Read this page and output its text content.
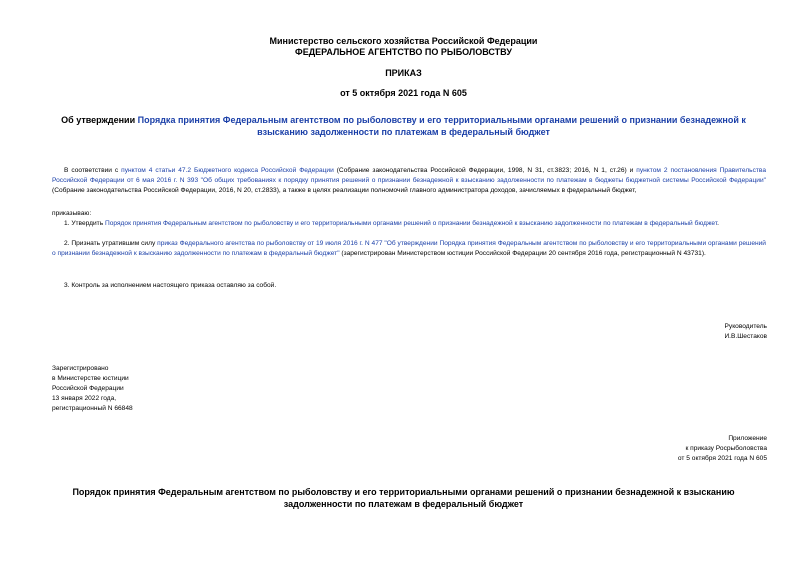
Министерство сельского хозяйства Российской Федерации
ФЕДЕРАЛЬНОЕ АГЕНТСТВО ПО РЫБОЛОВСТВУ
ПРИКАЗ
от 5 октября 2021 года N 605
Об утверждении Порядка принятия Федеральным агентством по рыболовству и его территориальными органами решений о признании безнадежной к взысканию задолженности по платежам в федеральный бюджет
В соответствии с пунктом 4 статьи 47.2 Бюджетного кодекса Российской Федерации (Собрание законодательства Российской Федерации, 1998, N 31, ст.3823; 2016, N 1, ст.26) и пунктом 2 постановления Правительства Российской Федерации от 6 мая 2016 г. N 393 "Об общих требованиях к порядку принятия решений о признании безнадежной к взысканию задолженности по платежам в бюджеты бюджетной системы Российской Федерации" (Собрание законодательства Российской Федерации, 2016, N 20, ст.2833), а также в целях реализации полномочий главного администратора доходов, зачисляемых в федеральный бюджет,
приказываю:
1. Утвердить Порядок принятия Федеральным агентством по рыболовству и его территориальными органами решений о признании безнадежной к взысканию задолженности по платежам в федеральный бюджет.
2. Признать утратившим силу приказ Федерального агентства по рыболовству от 19 июля 2016 г. N 477 "Об утверждении Порядка принятия Федеральным агентством по рыболовству и его территориальными органами решений о признании безнадежной к взысканию задолженности по платежам в федеральный бюджет" (зарегистрирован Министерством юстиции Российской Федерации 20 сентября 2016 года, регистрационный N 43731).
3. Контроль за исполнением настоящего приказа оставляю за собой.
Руководитель
И.В.Шестаков
Зарегистрировано
в Министерстве юстиции
Российской Федерации
13 января 2022 года,
регистрационный N 66848
Приложение
к приказу Росрыболовства
от 5 октября 2021 года N 605
Порядок принятия Федеральным агентством по рыболовству и его территориальными органами решений о признании безнадежной к взысканию задолженности по платежам в федеральный бюджет
